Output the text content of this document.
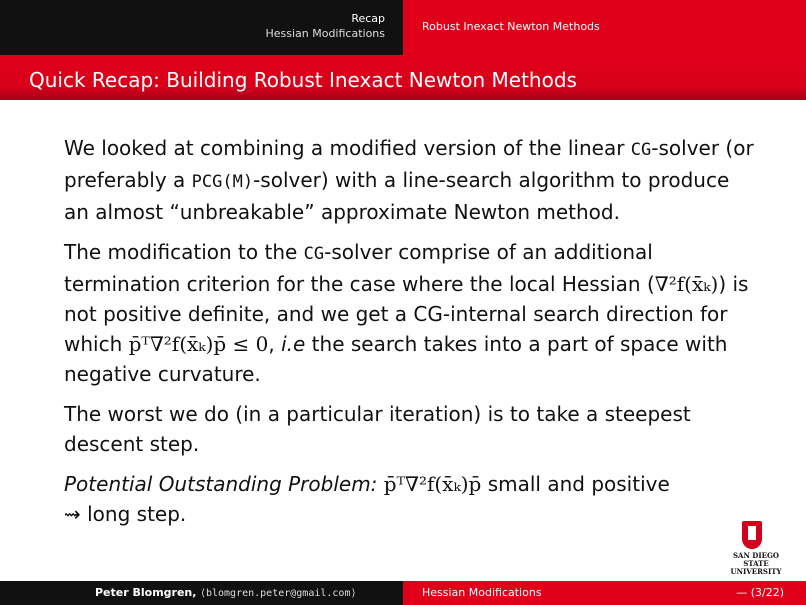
Recap
Hessian Modifications
Robust Inexact Newton Methods
Quick Recap: Building Robust Inexact Newton Methods

We looked at combining a modified version of the linear CG-solver (or preferably a PCG(M)-solver) with a line-search algorithm to produce an almost “unbreakable” approximate Newton method.

The modification to the CG-solver comprise of an additional termination criterion for the case where the local Hessian (∇²f(x̄ₖ)) is not positive definite, and we get a CG-internal search direction for which p̄ᵀ∇²f(x̄ₖ)p̄ ≤ 0, i.e the search takes into a part of space with negative curvature.

The worst we do (in a particular iteration) is to take a steepest descent step.

Potential Outstanding Problem: p̄ᵀ∇²f(x̄ₖ)p̄ small and positive
⇝ long step.

SAN DIEGO STATE
UNIVERSITY
Peter Blomgren, ⟨blomgren.peter@gmail.com⟩	Hessian Modifications	— (3/22)
